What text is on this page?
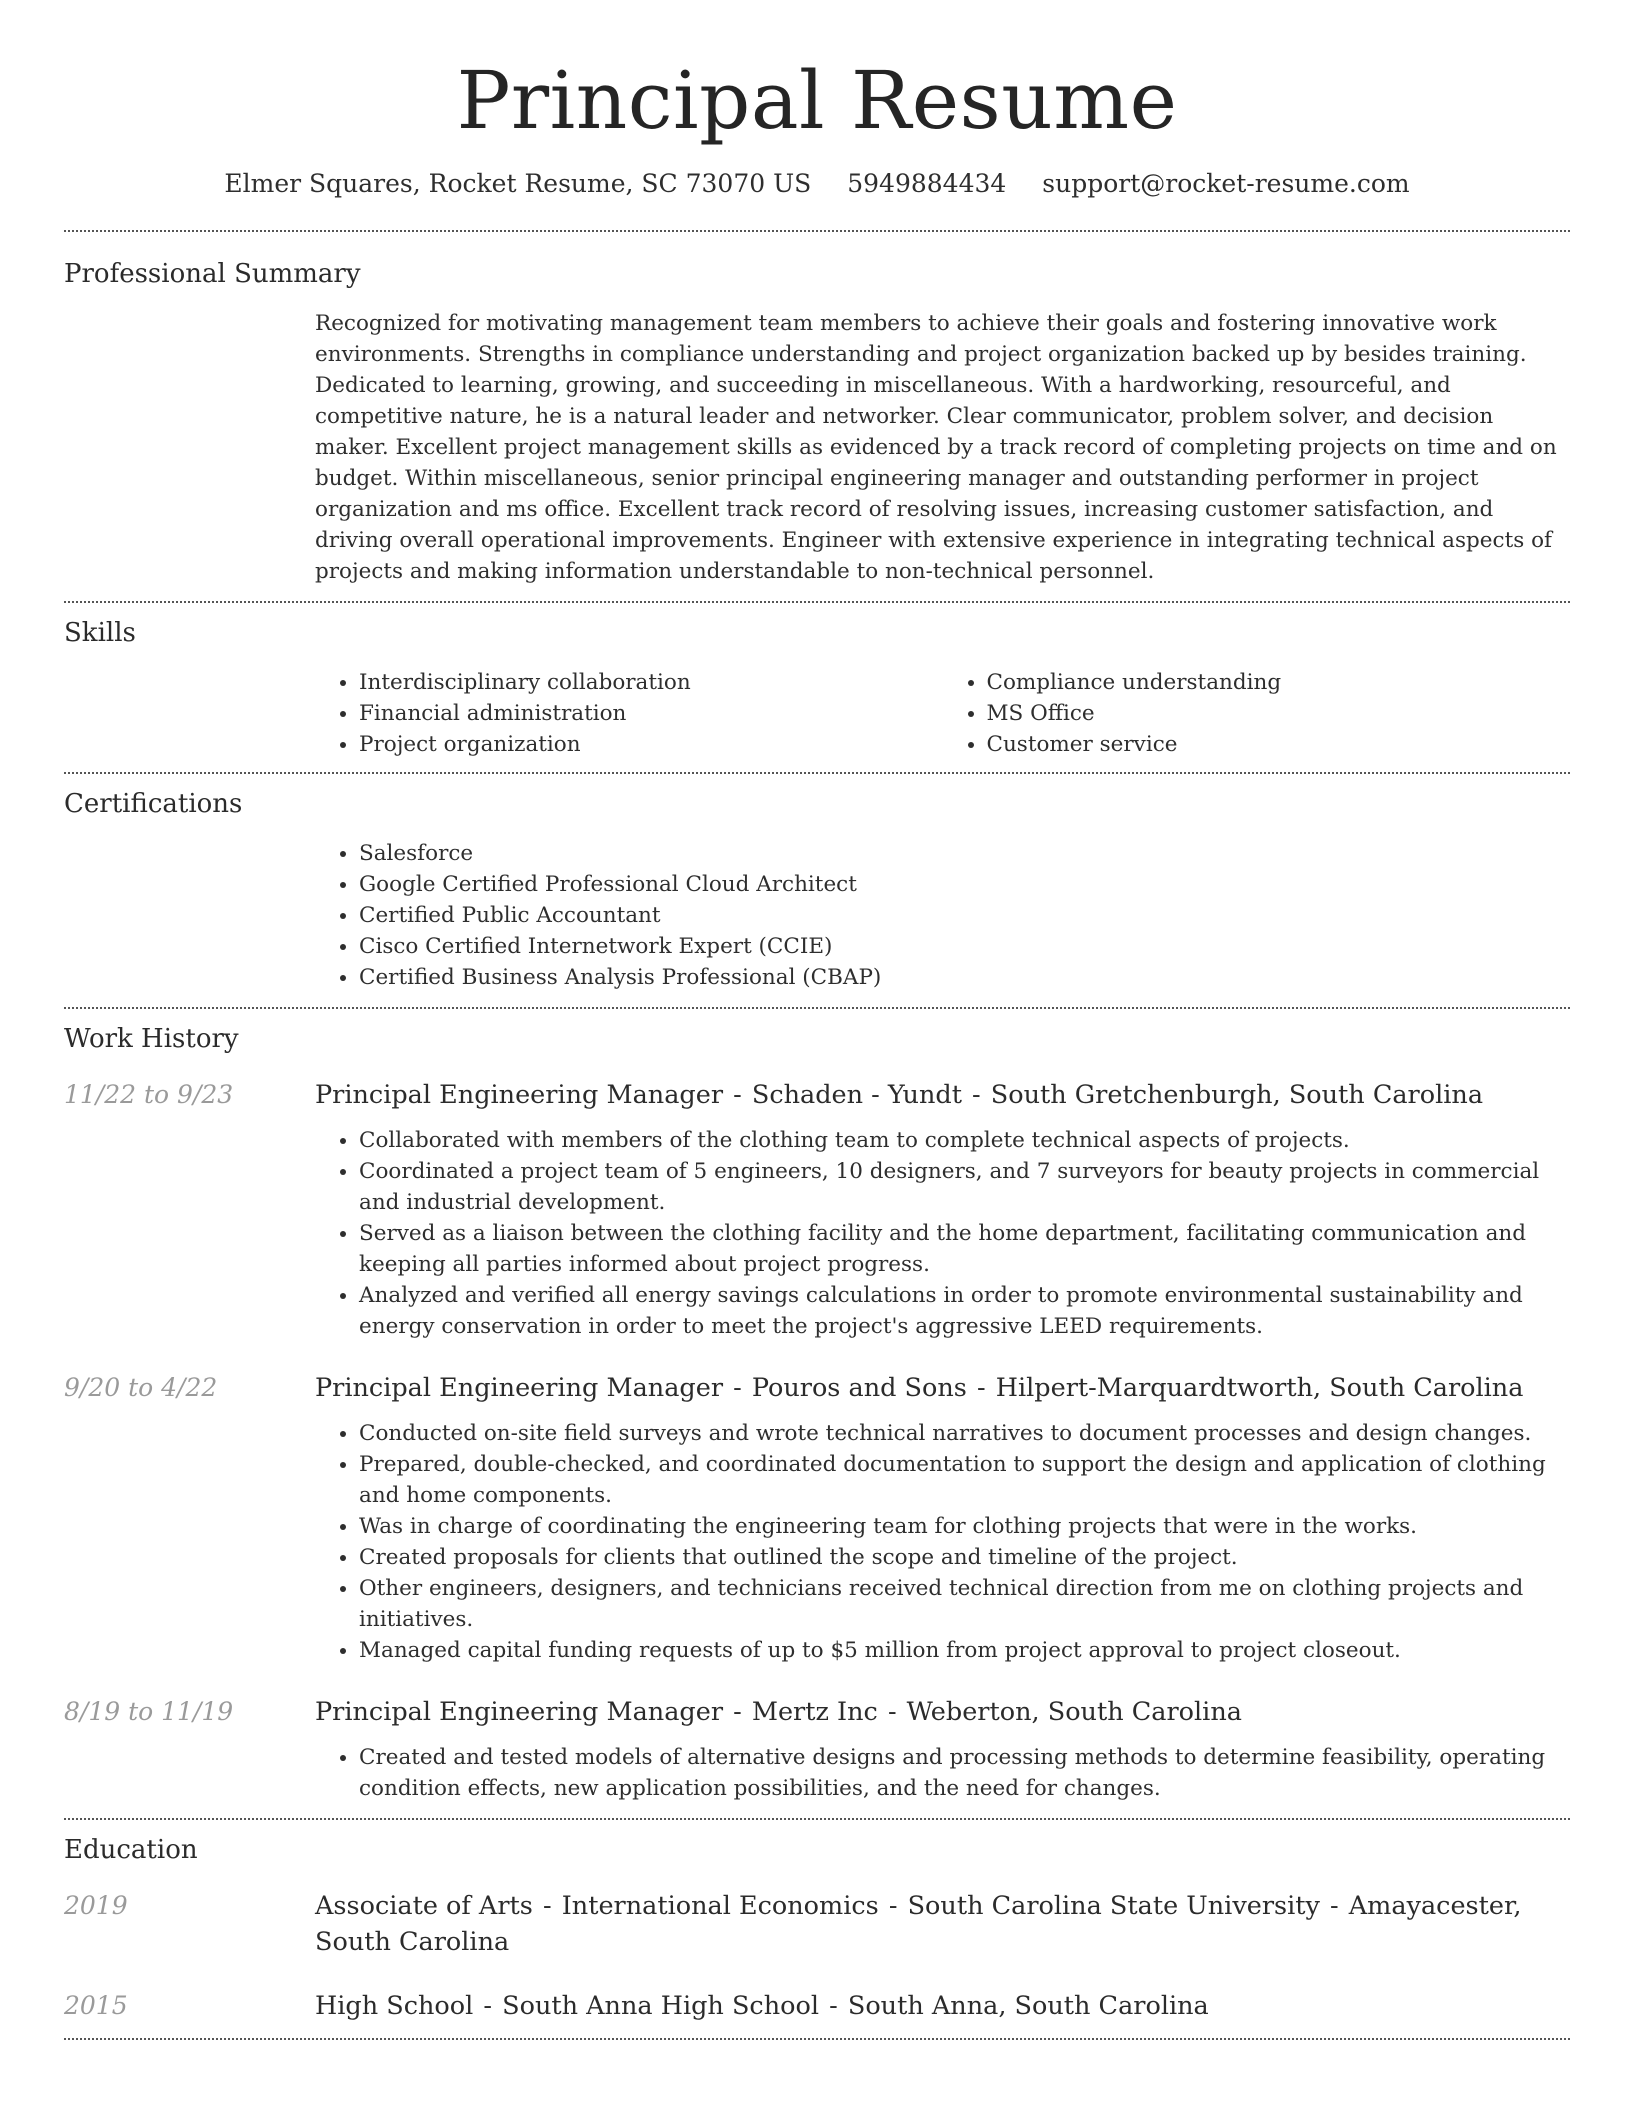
Principal Resume
Elmer Squares, Rocket Resume, SC 73070 US 5949884434 support@rocket-resume.com
Professional Summary

Recognized for motivating management team members to achieve their goals and fostering innovative work environments. Strengths in compliance understanding and project organization backed up by besides training. Dedicated to learning, growing, and succeeding in miscellaneous. With a hardworking, resourceful, and competitive nature, he is a natural leader and networker. Clear communicator, problem solver, and decision maker. Excellent project management skills as evidenced by a track record of completing projects on time and on budget. Within miscellaneous, senior principal engineering manager and outstanding performer in project organization and ms office. Excellent track record of resolving issues, increasing customer satisfaction, and driving overall operational improvements. Engineer with extensive experience in integrating technical aspects of projects and making information understandable to non-technical personnel.

Skills
• Interdisciplinary collaboration
• Financial administration
• Project organization
• Compliance understanding
• MS Office
• Customer service
Certifications
• Salesforce
• Google Certified Professional Cloud Architect
• Certified Public Accountant
• Cisco Certified Internetwork Expert (CCIE)
• Certified Business Analysis Professional (CBAP)
Work History
11/22 to 9/23	Principal Engineering Manager - Schaden - Yundt - South Gretchenburgh, South Carolina

• Collaborated with members of the clothing team to complete technical aspects of projects.
• Coordinated a project team of 5 engineers, 10 designers, and 7 surveyors for beauty projects in commercial and industrial development.
• Served as a liaison between the clothing facility and the home department, facilitating communication and keeping all parties informed about project progress.
• Analyzed and verified all energy savings calculations in order to promote environmental sustainability and energy conservation in order to meet the project's aggressive LEED requirements.
9/20 to 4/22	Principal Engineering Manager - Pouros and Sons - Hilpert-Marquardtworth, South Carolina

• Conducted on-site field surveys and wrote technical narratives to document processes and design changes.
• Prepared, double-checked, and coordinated documentation to support the design and application of clothing and home components.
• Was in charge of coordinating the engineering team for clothing projects that were in the works.
• Created proposals for clients that outlined the scope and timeline of the project.
• Other engineers, designers, and technicians received technical direction from me on clothing projects and initiatives.
• Managed capital funding requests of up to $5 million from project approval to project closeout.
8/19 to 11/19	Principal Engineering Manager - Mertz Inc - Weberton, South Carolina

• Created and tested models of alternative designs and processing methods to determine feasibility, operating condition effects, new application possibilities, and the need for changes.
Education
2019	Associate of Arts - International Economics - South Carolina State University - Amayacester, South Carolina

2015	High School - South Anna High School - South Anna, South Carolina
